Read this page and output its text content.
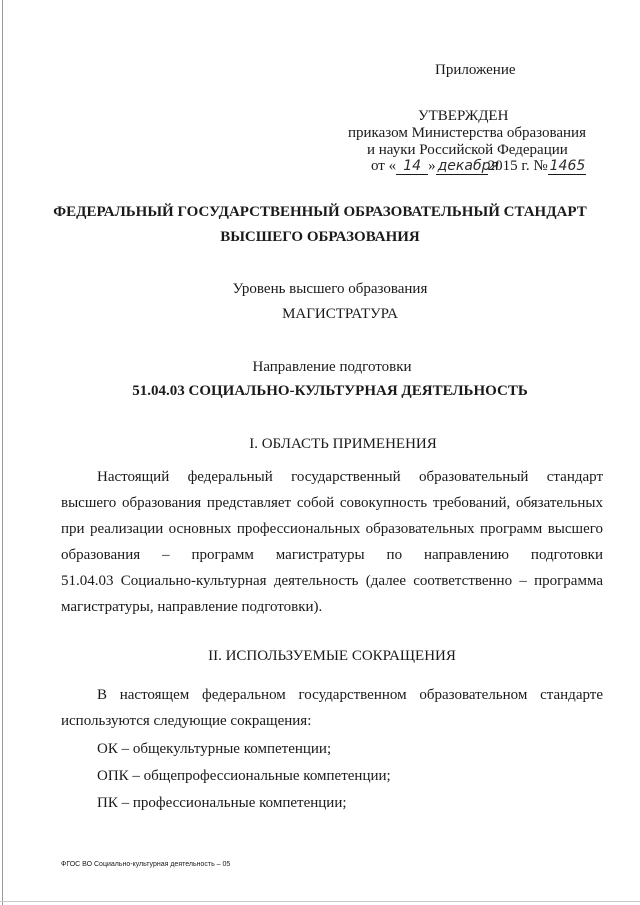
Приложение
УТВЕРЖДЕН
приказом Министерства образования
и науки Российской Федерации
от « 14 » декабря2015 г. № 1465
ФЕДЕРАЛЬНЫЙ ГОСУДАРСТВЕННЫЙ ОБРАЗОВАТЕЛЬНЫЙ СТАНДАРТ
ВЫСШЕГО ОБРАЗОВАНИЯ
Уровень высшего образования
МАГИСТРАТУРА
Направление подготовки
51.04.03 СОЦИАЛЬНО-КУЛЬТУРНАЯ ДЕЯТЕЛЬНОСТЬ
I. ОБЛАСТЬ ПРИМЕНЕНИЯ
Настоящий федеральный государственный образовательный стандарт
высшего образования представляет собой совокупность требований, обязательных
при реализации основных профессиональных образовательных программ высшего
образования – программ магистратуры по направлению подготовки
51.04.03 Социально-культурная деятельность (далее соответственно – программа
магистратуры, направление подготовки).
II. ИСПОЛЬЗУЕМЫЕ СОКРАЩЕНИЯ
В настоящем федеральном государственном образовательном стандарте
используются следующие сокращения:
ОК – общекультурные компетенции;
ОПК – общепрофессиональные компетенции;
ПК – профессиональные компетенции;
ФГОС ВО Социально-культурная деятельность – 05
